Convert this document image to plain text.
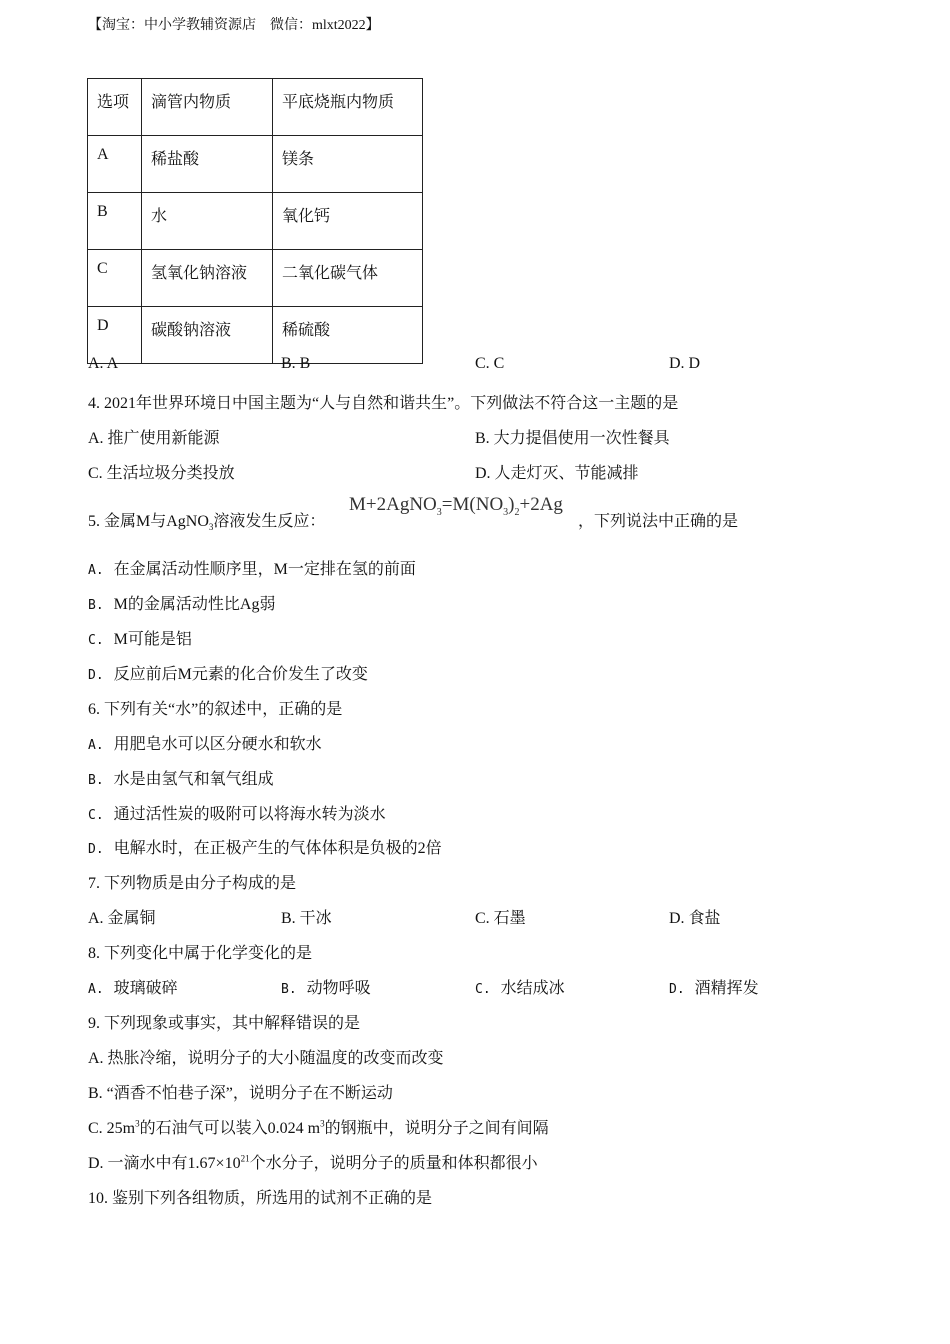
【淘宝：中小学教辅资源店　微信：mlxt2022】
选项	滴管内物质	平底烧瓶内物质
A	稀盐酸	镁条
B	水	氧化钙
C	氢氧化钠溶液	二氧化碳气体
D	碳酸钠溶液	稀硫酸
A. A	B. B	C. C	D. D
4. 2021年世界环境日中国主题为“人与自然和谐共生”。下列做法不符合这一主题的是
A. 推广使用新能源	B. 大力提倡使用一次性餐具
C. 生活垃圾分类投放	D. 人走灯灭、节能减排
5. 金属M与AgNO$_3$溶液发生反应：
$M+2AgNO_3=M(NO_3)_2+2Ag$
，下列说法中正确的是
A. 在金属活动性顺序里，M一定排在氢的前面
B. M的金属活动性比Ag弱
C. M可能是铝
D. 反应前后M元素的化合价发生了改变
6. 下列有关“水”的叙述中，正确的是
A. 用肥皂水可以区分硬水和软水
B. 水是由氢气和氧气组成
C. 通过活性炭的吸附可以将海水转为淡水
D. 电解水时，在正极产生的气体体积是负极的2倍
7. 下列物质是由分子构成的是
A. 金属铜	B. 干冰	C. 石墨	D. 食盐
8. 下列变化中属于化学变化的是
A. 玻璃破碎	B. 动物呼吸	C. 水结成冰	D. 酒精挥发
9. 下列现象或事实，其中解释错误的是
A. 热胀冷缩，说明分子的大小随温度的改变而改变
B. “酒香不怕巷子深”，说明分子在不断运动
C. $25m^3$的石油气可以装入0.024 $m^3$的钢瓶中，说明分子之间有间隔
D. 一滴水中有$1.67\times 10^{21}$个水分子，说明分子的质量和体积都很小
10. 鉴别下列各组物质，所选用的试剂不正确的是
